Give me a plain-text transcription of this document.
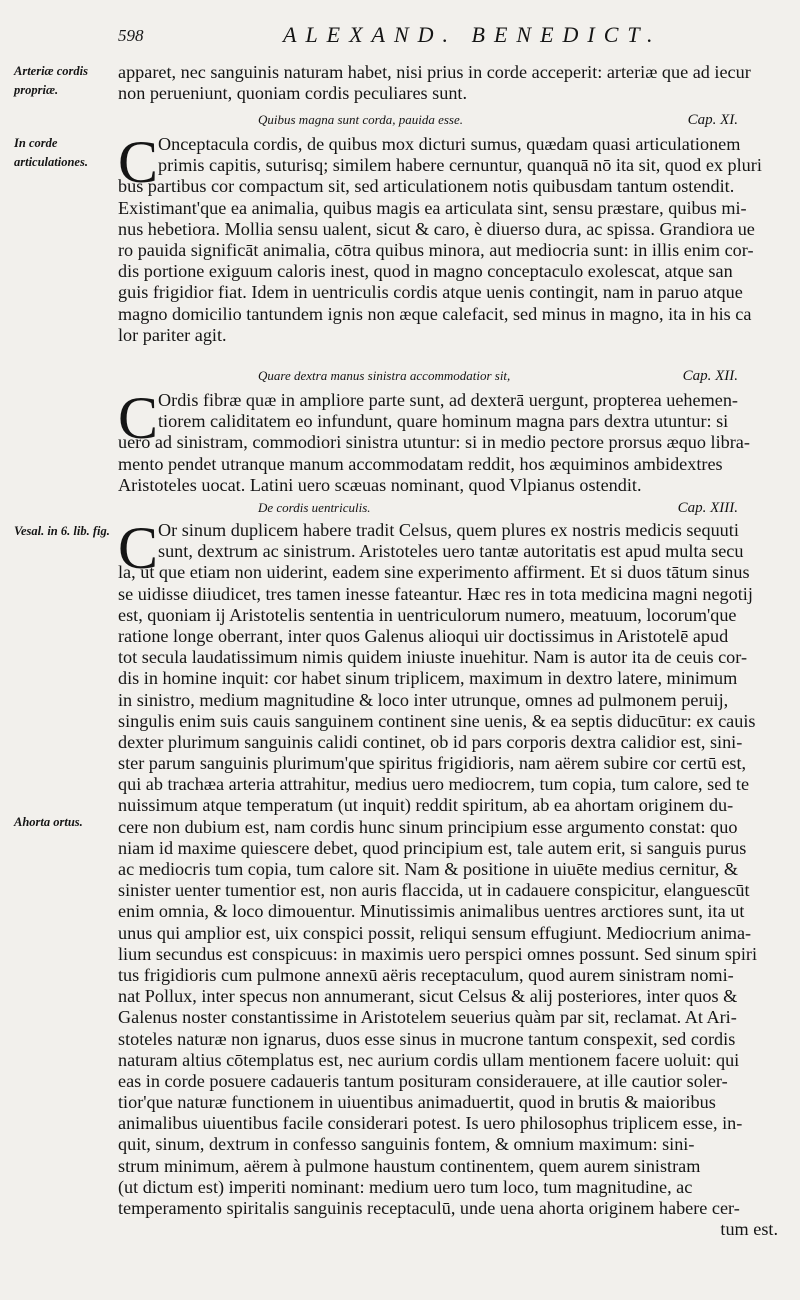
598	ALEXAND. BENEDICT.
Arteriæ cordis propriæ.
In corde articulationes.
Vesal. in 6. lib. fig.
Ahorta ortus.
apparet, nec sanguinis naturam habet, nisi prius in corde acceperit: arteriæ que ad iecur
non perueniunt, quoniam cordis peculiares sunt.
Quibus magna sunt corda, pauida esse.	Cap. XI.
C Onceptacula cordis, de quibus mox dicturi sumus, quædam quasi articulationem
primis capitis, suturisq; similem habere cernuntur, quanquā nō ita sit, quod ex pluri
bus partibus cor compactum sit, sed articulationem notis quibusdam tantum ostendit.
Existimant'que ea animalia, quibus magis ea articulata sint, sensu præstare, quibus mi-
nus hebetiora. Mollia sensu ualent, sicut & caro, è diuerso dura, ac spissa. Grandiora ue
ro pauida significāt animalia, cōtra quibus minora, aut mediocria sunt: in illis enim cor-
dis portione exiguum caloris inest, quod in magno conceptaculo exolescat, atque san
guis frigidior fiat. Idem in uentriculis cordis atque uenis contingit, nam in paruo atque
magno domicilio tantundem ignis non æque calefacit, sed minus in magno, ita in his ca
lor pariter agit.
Quare dextra manus sinistra accommodatior sit,	Cap. XII.
C Ordis fibræ quæ in ampliore parte sunt, ad dexterā uergunt, propterea uehemen-
tiorem caliditatem eo infundunt, quare hominum magna pars dextra utuntur: si
uero ad sinistram, commodiori sinistra utuntur: si in medio pectore prorsus æquo libra-
mento pendet utranque manum accommodatam reddit, hos æquiminos ambidextres
Aristoteles uocat. Latini uero scæuas nominant, quod Vlpianus ostendit.
De cordis uentriculis.	Cap. XIII.
C Or sinum duplicem habere tradit Celsus, quem plures ex nostris medicis sequuti
sunt, dextrum ac sinistrum. Aristoteles uero tantæ autoritatis est apud multa secu
la, ut que etiam non uiderint, eadem sine experimento affirment. Et si duos tātum sinus
se uidisse diiudicet, tres tamen inesse fateantur. Hæc res in tota medicina magni negotij
est, quoniam ij Aristotelis sententia in uentriculorum numero, meatuum, locorum'que
ratione longe oberrant, inter quos Galenus alioqui uir doctissimus in Aristotelē apud
tot secula laudatissimum nimis quidem iniuste inuehitur. Nam is autor ita de ceuis cor-
dis in homine inquit: cor habet sinum triplicem, maximum in dextro latere, minimum
in sinistro, medium magnitudine & loco inter utrunque, omnes ad pulmonem peruij,
singulis enim suis cauis sanguinem continent sine uenis, & ea septis diducūtur: ex cauis
dexter plurimum sanguinis calidi continet, ob id pars corporis dextra calidior est, sini-
ster parum sanguinis plurimum'que spiritus frigidioris, nam aërem subire cor certū est,
qui ab trachæa arteria attrahitur, medius uero mediocrem, tum copia, tum calore, sed te
nuissimum atque temperatum (ut inquit) reddit spiritum, ab ea ahortam originem du-
cere non dubium est, nam cordis hunc sinum principium esse argumento constat: quo
niam id maxime quiescere debet, quod principium est, tale autem erit, si sanguis purus
ac mediocris tum copia, tum calore sit. Nam & positione in uiuēte medius cernitur, &
sinister uenter tumentior est, non auris flaccida, ut in cadauere conspicitur, elanguescūt
enim omnia, & loco dimouentur. Minutissimis animalibus uentres arctiores sunt, ita ut
unus qui amplior est, uix conspici possit, reliqui sensum effugiunt. Mediocrium anima-
lium secundus est conspicuus: in maximis uero perspici omnes possunt. Sed sinum spiri
tus frigidioris cum pulmone annexū aëris receptaculum, quod aurem sinistram nomi-
nat Pollux, inter specus non annumerant, sicut Celsus & alij posteriores, inter quos &
Galenus noster constantissime in Aristotelem seuerius quàm par sit, reclamat. At Ari-
stoteles naturæ non ignarus, duos esse sinus in mucrone tantum conspexit, sed cordis
naturam altius cōtemplatus est, nec aurium cordis ullam mentionem facere uoluit: qui
eas in corde posuere cadaueris tantum posituram considerauere, at ille cautior soler-
tior'que naturæ functionem in uiuentibus animaduertit, quod in brutis & maioribus
animalibus uiuentibus facile considerari potest. Is uero philosophus triplicem esse, in-
quit, sinum, dextrum in confesso sanguinis fontem, & omnium maximum: sini-
strum minimum, aërem à pulmone haustum continentem, quem aurem sinistram
(ut dictum est) imperiti nominant: medium uero tum loco, tum magnitudine, ac
temperamento spiritalis sanguinis receptaculū, unde uena ahorta originem habere cer-
tum est.
